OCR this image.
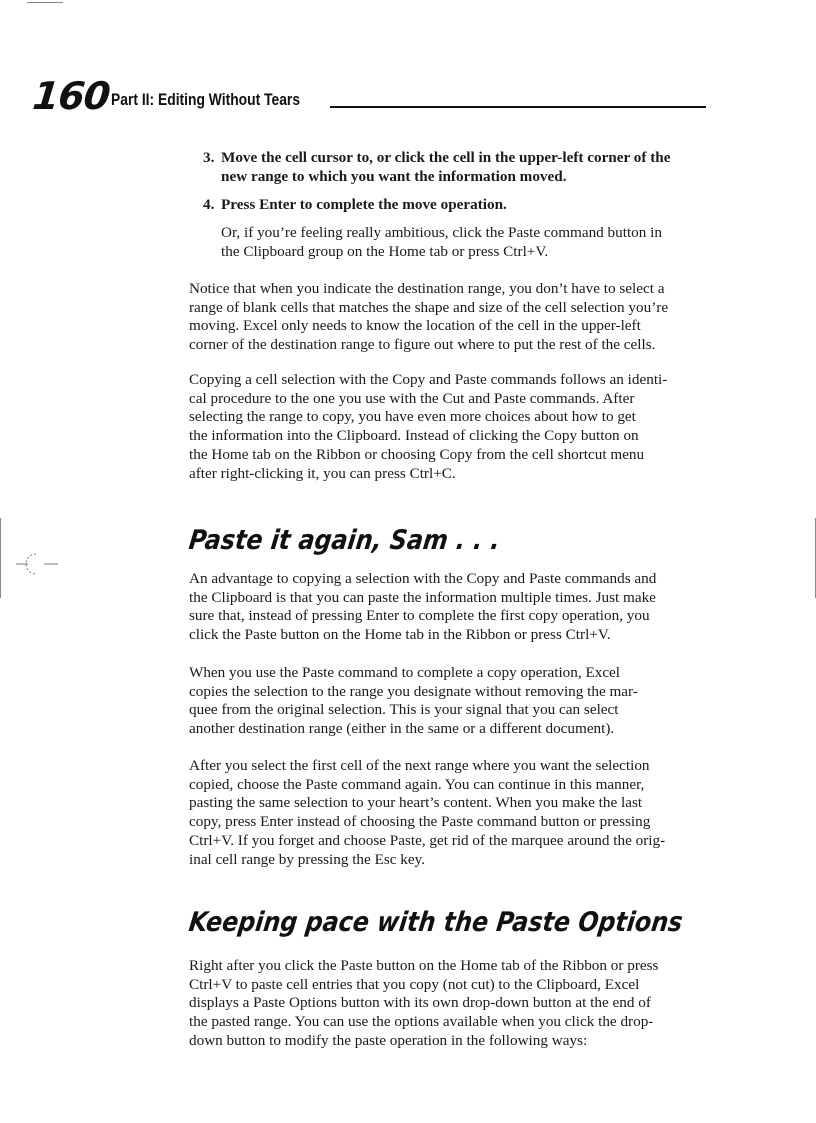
160 Part II: Editing Without Tears
3. Move the cell cursor to, or click the cell in the upper-left corner of the
new range to which you want the information moved.
4. Press Enter to complete the move operation.
Or, if you’re feeling really ambitious, click the Paste command button in
the Clipboard group on the Home tab or press Ctrl+V.
Notice that when you indicate the destination range, you don’t have to select a
range of blank cells that matches the shape and size of the cell selection you’re
moving. Excel only needs to know the location of the cell in the upper-left
corner of the destination range to figure out where to put the rest of the cells.
Copying a cell selection with the Copy and Paste commands follows an identi-
cal procedure to the one you use with the Cut and Paste commands. After
selecting the range to copy, you have even more choices about how to get
the information into the Clipboard. Instead of clicking the Copy button on
the Home tab on the Ribbon or choosing Copy from the cell shortcut menu
after right-clicking it, you can press Ctrl+C.
Paste it again, Sam . . .
An advantage to copying a selection with the Copy and Paste commands and
the Clipboard is that you can paste the information multiple times. Just make
sure that, instead of pressing Enter to complete the first copy operation, you
click the Paste button on the Home tab in the Ribbon or press Ctrl+V.
When you use the Paste command to complete a copy operation, Excel
copies the selection to the range you designate without removing the mar-
quee from the original selection. This is your signal that you can select
another destination range (either in the same or a different document).
After you select the first cell of the next range where you want the selection
copied, choose the Paste command again. You can continue in this manner,
pasting the same selection to your heart’s content. When you make the last
copy, press Enter instead of choosing the Paste command button or pressing
Ctrl+V. If you forget and choose Paste, get rid of the marquee around the orig-
inal cell range by pressing the Esc key.
Keeping pace with the Paste Options
Right after you click the Paste button on the Home tab of the Ribbon or press
Ctrl+V to paste cell entries that you copy (not cut) to the Clipboard, Excel
displays a Paste Options button with its own drop-down button at the end of
the pasted range. You can use the options available when you click the drop-
down button to modify the paste operation in the following ways:
